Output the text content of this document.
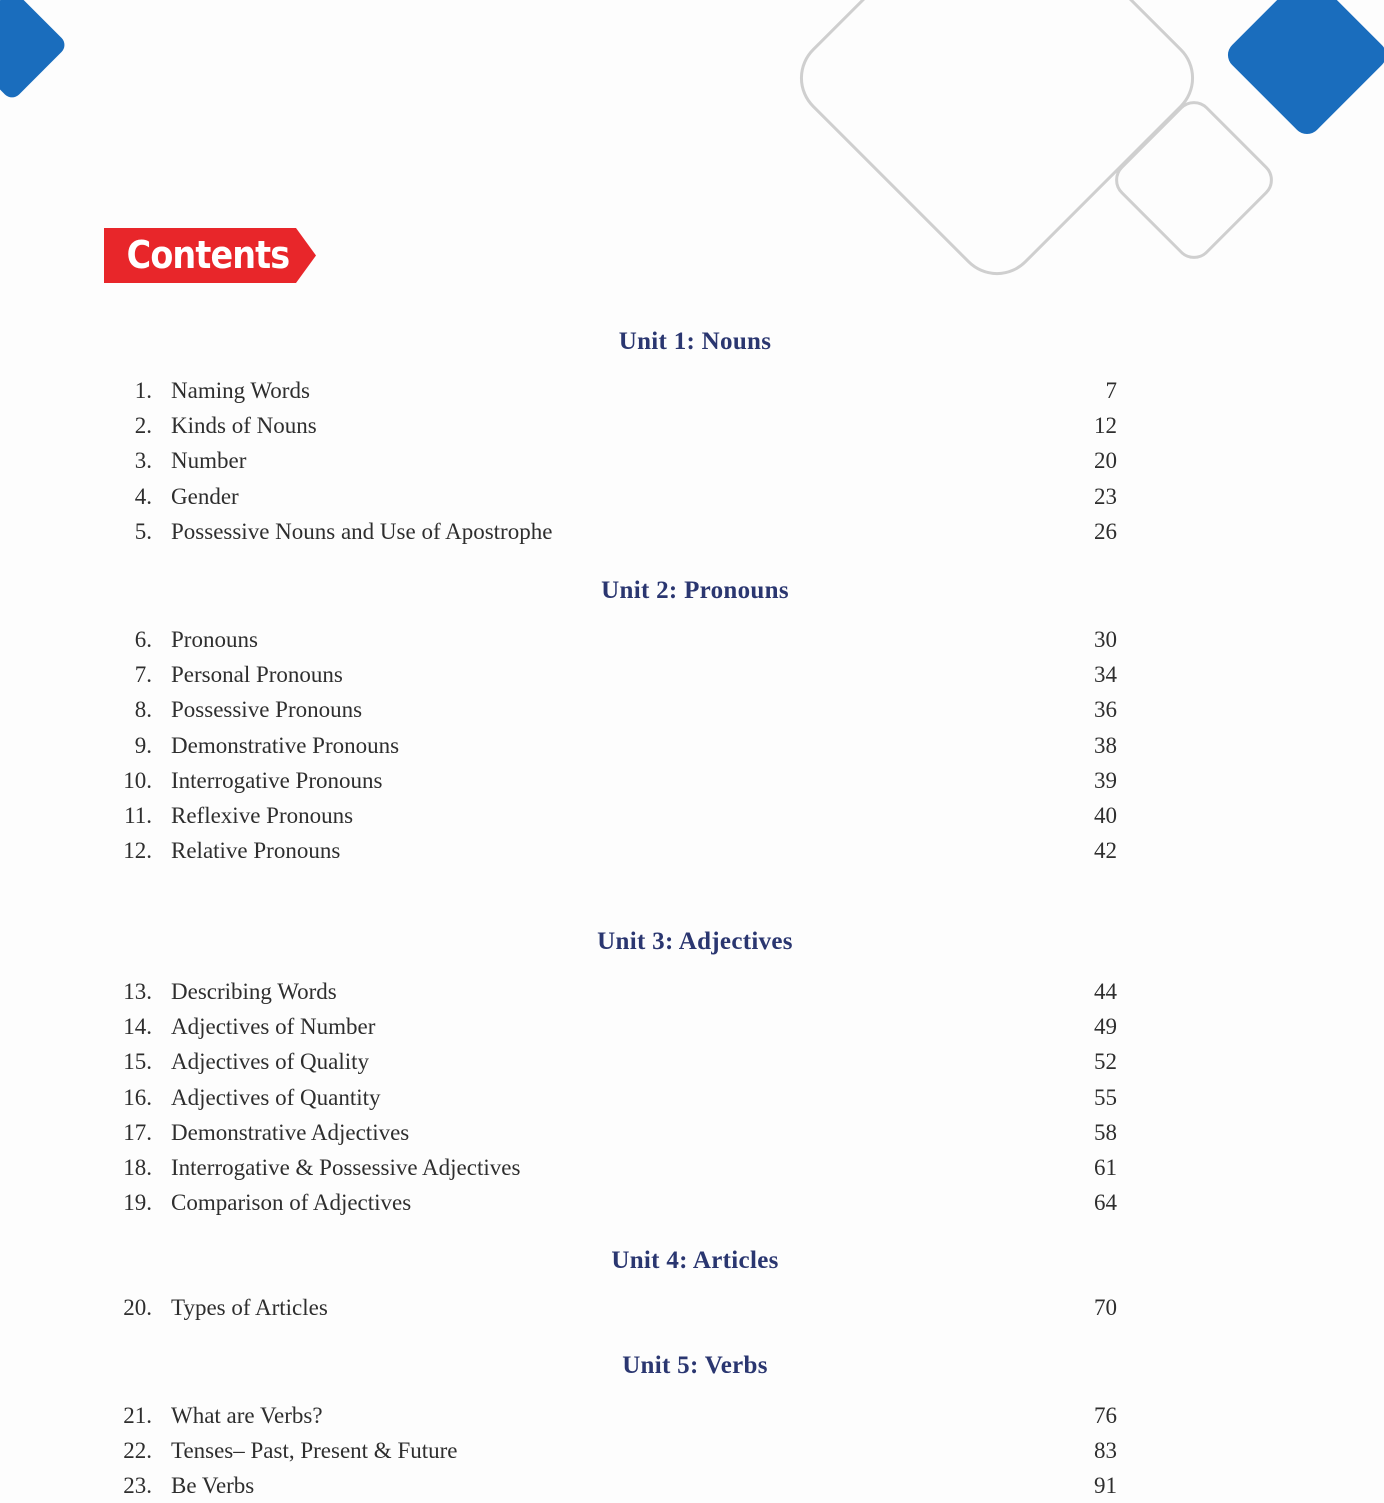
Contents
Unit 1: Nouns
1. Naming Words	7
2. Kinds of Nouns	12
3. Number	20
4. Gender	23
5. Possessive Nouns and Use of Apostrophe	26
Unit 2: Pronouns
6. Pronouns	30
7. Personal Pronouns	34
8. Possessive Pronouns	36
9. Demonstrative Pronouns	38
10. Interrogative Pronouns	39
11. Reflexive Pronouns	40
12. Relative Pronouns	42
Unit 3: Adjectives
13. Describing Words	44
14. Adjectives of Number	49
15. Adjectives of Quality	52
16. Adjectives of Quantity	55
17. Demonstrative Adjectives	58
18. Interrogative & Possessive Adjectives	61
19. Comparison of Adjectives	64
Unit 4: Articles
20. Types of Articles	70
Unit 5: Verbs
21. What are Verbs?	76
22. Tenses– Past, Present & Future	83
23. Be Verbs	91
